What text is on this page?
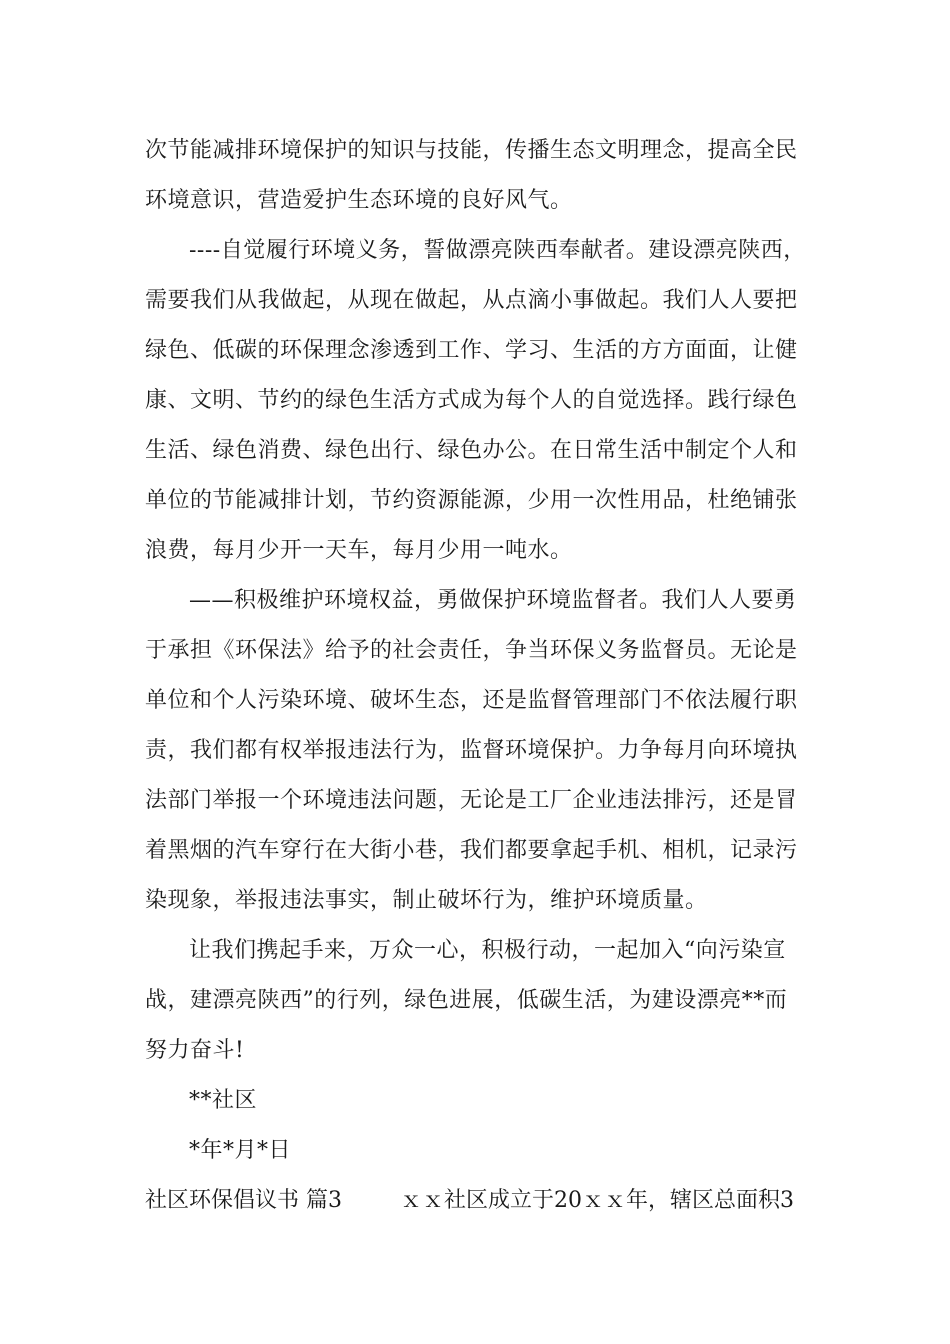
次节能减排环境保护的知识与技能，传播生态文明理念，提高全民
环境意识，营造爱护生态环境的良好风气。
----自觉履行环境义务，誓做漂亮陕西奉献者。建设漂亮陕西，
需要我们从我做起，从现在做起，从点滴小事做起。我们人人要把
绿色、低碳的环保理念渗透到工作、学习、生活的方方面面，让健
康、文明、节约的绿色生活方式成为每个人的自觉选择。践行绿色
生活、绿色消费、绿色出行、绿色办公。在日常生活中制定个人和
单位的节能减排计划，节约资源能源，少用一次性用品，杜绝铺张
浪费，每月少开一天车，每月少用一吨水。
——积极维护环境权益，勇做保护环境监督者。我们人人要勇
于承担《环保法》给予的社会责任，争当环保义务监督员。无论是
单位和个人污染环境、破坏生态，还是监督管理部门不依法履行职
责，我们都有权举报违法行为，监督环境保护。力争每月向环境执
法部门举报一个环境违法问题，无论是工厂企业违法排污，还是冒
着黑烟的汽车穿行在大街小巷，我们都要拿起手机、相机，记录污
染现象，举报违法事实，制止破坏行为，维护环境质量。
让我们携起手来，万众一心，积极行动，一起加入“向污染宣
战，建漂亮陕西”的行列，绿色进展，低碳生活，为建设漂亮**而
努力奋斗!
**社区
*年*月*日
社区环保倡议书 篇3	ｘｘ社区成立于20ｘｘ年，辖区总面积3
